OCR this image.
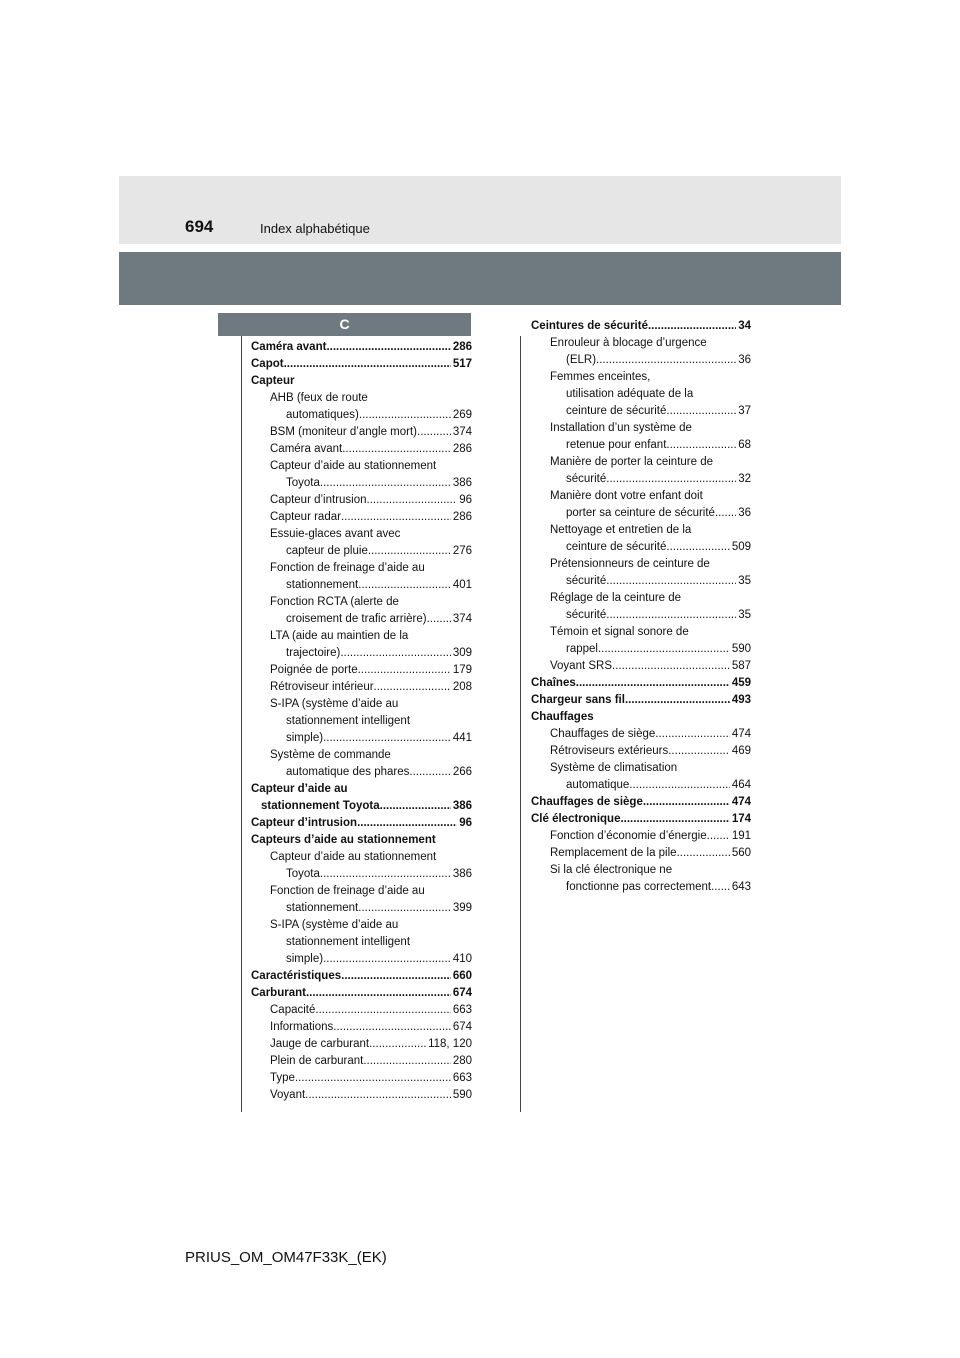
694	Index alphabétique
C
Caméra avant .....	286
Capot .....	517
Capteur
AHB (feux de route
automatiques) .....	269
BSM (moniteur d’angle mort) .....	374
Caméra avant .....	286
Capteur d’aide au stationnement
Toyota .....	386
Capteur d’intrusion .....	96
Capteur radar .....	286
Essuie-glaces avant avec
capteur de pluie .....	276
Fonction de freinage d’aide au
stationnement .....	401
Fonction RCTA (alerte de
croisement de trafic arrière) ..... 374
LTA (aide au maintien de la
trajectoire) .....	309
Poignée de porte .....	179
Rétroviseur intérieur .....	208
S-IPA (système d’aide au
stationnement intelligent
simple) .....	441
Système de commande
automatique des phares .....	266
Capteur d’aide au
stationnement Toyota .....	386
Capteur d’intrusion .....	96
Capteurs d’aide au stationnement
Capteur d’aide au stationnement
Toyota .....	386
Fonction de freinage d’aide au
stationnement .....	399
S-IPA (système d’aide au
stationnement intelligent
simple) .....	410
Caractéristiques .....	660
Carburant .....	674
Capacité .....	663
Informations .....	674
Jauge de carburant .....	118, 120
Plein de carburant .....	280
Type .....	663
Voyant .....	590
Ceintures de sécurité .....	34
Enrouleur à blocage d’urgence
(ELR) .....	36
Femmes enceintes,
utilisation adéquate de la
ceinture de sécurité .....	37
Installation d’un système de
retenue pour enfant .....	68
Manière de porter la ceinture de
sécurité .....	32
Manière dont votre enfant doit
porter sa ceinture de sécurité ..... 36
Nettoyage et entretien de la
ceinture de sécurité .....	509
Prétensionneurs de ceinture de
sécurité .....	35
Réglage de la ceinture de
sécurité .....	35
Témoin et signal sonore de
rappel .....	590
Voyant SRS .....	587
Chaînes .....	459
Chargeur sans fil .....	493
Chauffages
Chauffages de siège .....	474
Rétroviseurs extérieurs .....	469
Système de climatisation
automatique .....	464
Chauffages de siège .....	474
Clé électronique .....	174
Fonction d’économie d’énergie ..... 191
Remplacement de la pile .....	560
Si la clé électronique ne
fonctionne pas correctement ..... 643
PRIUS_OM_OM47F33K_(EK)
